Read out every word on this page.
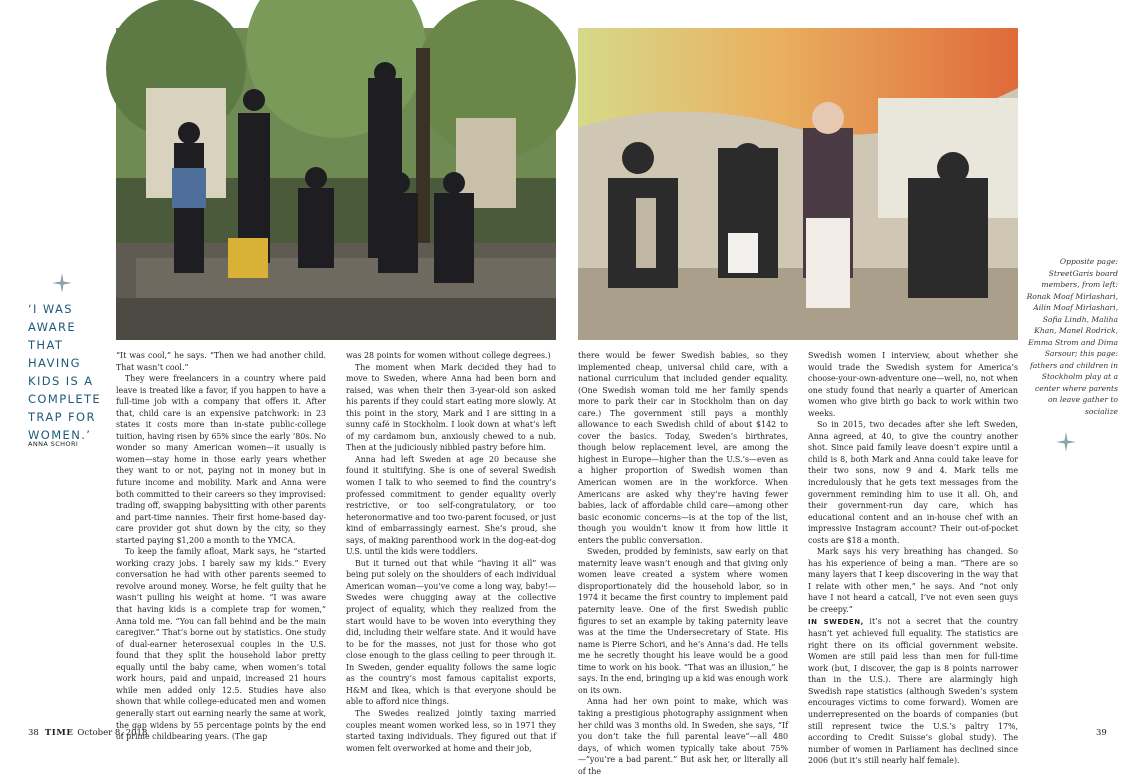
‘I WAS AWARE THAT HAVING KIDS IS A COMPLETE TRAP FOR WOMEN.’
ANNA SCHORI
Opposite page: StreetGaris board members, from left: Ronak Moaf Mirlashari, Ailin Moaf Mirlashari, Sofia Lindh, Maliha Khan, Manel Rodrick, Emma Strom and Dima Sarsour; this page: fathers and children in Stockholm play at a center where parents on leave gather to socialize

“It was cool,” he says. “Then we had another child. That wasn’t cool.”

They were freelancers in a country where paid leave is treated like a favor, if you happen to have a full-time job with a company that offers it. After that, child care is an expensive patchwork: in 23 states it costs more than in-state public-college tuition, having risen by 65% since the early ’80s. No wonder so many American women—it usually is women—stay home in those early years whether they want to or not, paying not in money but in future income and mobility. Mark and Anna were both committed to their careers so they improvised: trading off, swapping babysitting with other parents and part-time nannies. Their first home-based day-care provider got shut down by the city, so they started paying $1,200 a month to the YMCA.

To keep the family afloat, Mark says, he “started working crazy jobs. I barely saw my kids.” Every conversation he had with other parents seemed to revolve around money. Worse, he felt guilty that he wasn’t pulling his weight at home. “I was aware that having kids is a complete trap for women,” Anna told me. “You can fall behind and be the main caregiver.” That’s borne out by statistics. One study of dual-earner heterosexual couples in the U.S. found that they split the household labor pretty equally until the baby came, when women’s total work hours, paid and unpaid, increased 21 hours while men added only 12.5. Studies have also shown that while college-educated men and women generally start out earning nearly the same at work, the gap widens by 55 percentage points by the end of prime childbearing years. (The gap

was 28 points for women without college degrees.)

The moment when Mark decided they had to move to Sweden, where Anna had been born and raised, was when their then 3-year-old son asked his parents if they could start eating more slowly. At this point in the story, Mark and I are sitting in a sunny café in Stockholm. I look down at what’s left of my cardamom bun, anxiously chewed to a nub. Then at the judiciously nibbled pastry before him.

Anna had left Sweden at age 20 because she found it stultifying. She is one of several Swedish women I talk to who seemed to find the country’s professed commitment to gender equality overly restrictive, or too self-congratulatory, or too heteronormative and too two-parent focused, or just kind of embarrassingly earnest. She’s proud, she says, of making parenthood work in the dog-eat-dog U.S. until the kids were toddlers.

But it turned out that while “having it all” was being put solely on the shoulders of each individual American woman—you’ve come a long way, baby!—Swedes were chugging away at the collective project of equality, which they realized from the start would have to be woven into everything they did, including their welfare state. And it would have to be for the masses, not just for those who got close enough to the glass ceiling to peer through it. In Sweden, gender equality follows the same logic as the country’s most famous capitalist exports, H&M and Ikea, which is that everyone should be able to afford nice things.

The Swedes realized jointly taxing married couples meant women worked less, so in 1971 they started taxing individuals. They figured out that if women felt overworked at home and their job,

there would be fewer Swedish babies, so they implemented cheap, universal child care, with a national curriculum that included gender equality. (One Swedish woman told me her family spends more to park their car in Stockholm than on day care.) The government still pays a monthly allowance to each Swedish child of about $142 to cover the basics. Today, Sweden’s birthrates, though below replacement level, are among the highest in Europe—higher than the U.S.’s—even as a higher proportion of Swedish women than American women are in the workforce. When Americans are asked why they’re having fewer babies, lack of affordable child care—among other basic economic concerns—is at the top of the list, though you wouldn’t know it from how little it enters the public conversation.

Sweden, prodded by feminists, saw early on that maternity leave wasn’t enough and that giving only women leave created a system where women disproportionately did the household labor, so in 1974 it became the first country to implement paid paternity leave. One of the first Swedish public figures to set an example by taking paternity leave was at the time the Undersecretary of State. His name is Pierre Schori, and he’s Anna’s dad. He tells me he secretly thought his leave would be a good time to work on his book. “That was an illusion,” he says. In the end, bringing up a kid was enough work on its own.

Anna had her own point to make, which was taking a prestigious photography assignment when her child was 3 months old. In Sweden, she says, “If you don’t take the full parental leave”—all 480 days, of which women typically take about 75%—“you’re a bad parent.” But ask her, or literally all of the

Swedish women I interview, about whether she would trade the Swedish system for America’s choose-your-own-adventure one—well, no, not when one study found that nearly a quarter of American women who give birth go back to work within two weeks.

So in 2015, two decades after she left Sweden, Anna agreed, at 40, to give the country another shot. Since paid family leave doesn’t expire until a child is 8, both Mark and Anna could take leave for their two sons, now 9 and 4. Mark tells me incredulously that he gets text messages from the government reminding him to use it all. Oh, and their government-run day care, which has educational content and an in-house chef with an impressive Instagram account? Their out-of-pocket costs are $18 a month.

Mark says his very breathing has changed. So has his experience of being a man. “There are so many layers that I keep discovering in the way that I relate with other men,” he says. And “not only have I not heard a catcall, I’ve not even seen guys be creepy.”

IN SWEDEN, it’s not a secret that the country hasn’t yet achieved full equality. The statistics are right there on its official government website. Women are still paid less than men for full-time work (but, I discover, the gap is 8 points narrower than in the U.S.). There are alarmingly high Swedish rape statistics (although Sweden’s system encourages victims to come forward). Women are underrepresented on the boards of companies (but still represent twice the U.S.’s paltry 17%, according to Credit Suisse’s global study). The number of women in Parliament has declined since 2006 (but it’s still nearly half female).

38 TIME October 8, 2018	39
